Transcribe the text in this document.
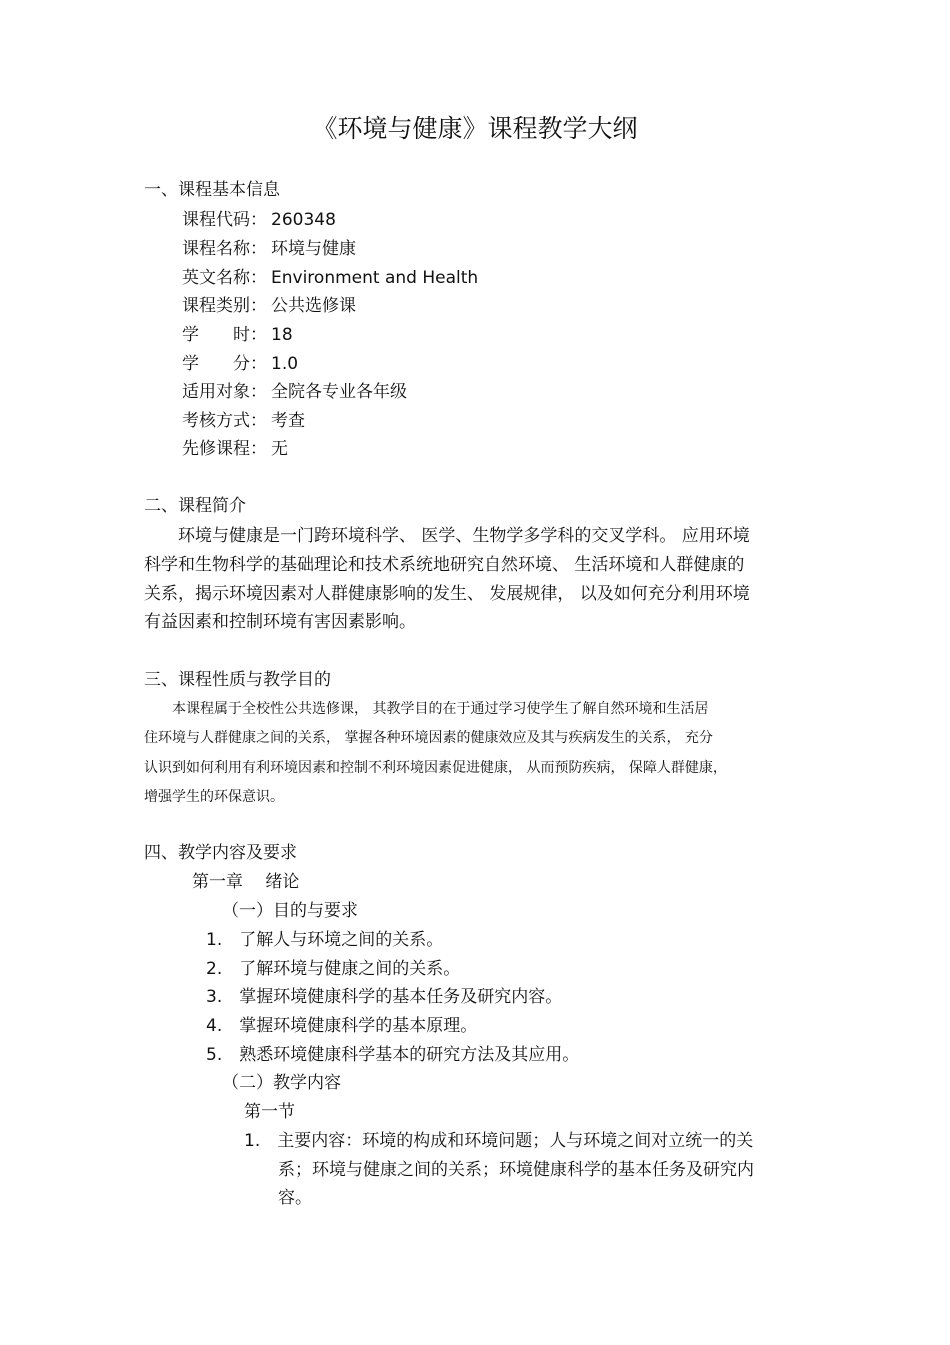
《环境与健康》课程教学大纲
一、课程基本信息
课程代码： 260348
课程名称： 环境与健康
英文名称： Environment and Health
课程类别： 公共选修课
学　　时： 18
学　　分： 1.0
适用对象： 全院各专业各年级
考核方式： 考查
先修课程： 无
二、课程简介
　　环境与健康是一门跨环境科学、 医学、生物学多学科的交叉学科。 应用环境
科学和生物科学的基础理论和技术系统地研究自然环境、 生活环境和人群健康的
关系，揭示环境因素对人群健康影响的发生、 发展规律， 以及如何充分利用环境
有益因素和控制环境有害因素影响。
三、课程性质与教学目的
　　本课程属于全校性公共选修课， 其教学目的在于通过学习使学生了解自然环境和生活居
住环境与人群健康之间的关系， 掌握各种环境因素的健康效应及其与疾病发生的关系， 充分
认识到如何利用有利环境因素和控制不利环境因素促进健康， 从而预防疾病， 保障人群健康，
增强学生的环保意识。
四、教学内容及要求
第一章　 绪论
（一）目的与要求
1.　了解人与环境之间的关系。
2.　了解环境与健康之间的关系。
3.　掌握环境健康科学的基本任务及研究内容。
4.　掌握环境健康科学的基本原理。
5.　熟悉环境健康科学基本的研究方法及其应用。
（二）教学内容
第一节
1.　主要内容：环境的构成和环境问题；人与环境之间对立统一的关
　　系；环境与健康之间的关系；环境健康科学的基本任务及研究内
　　容。
